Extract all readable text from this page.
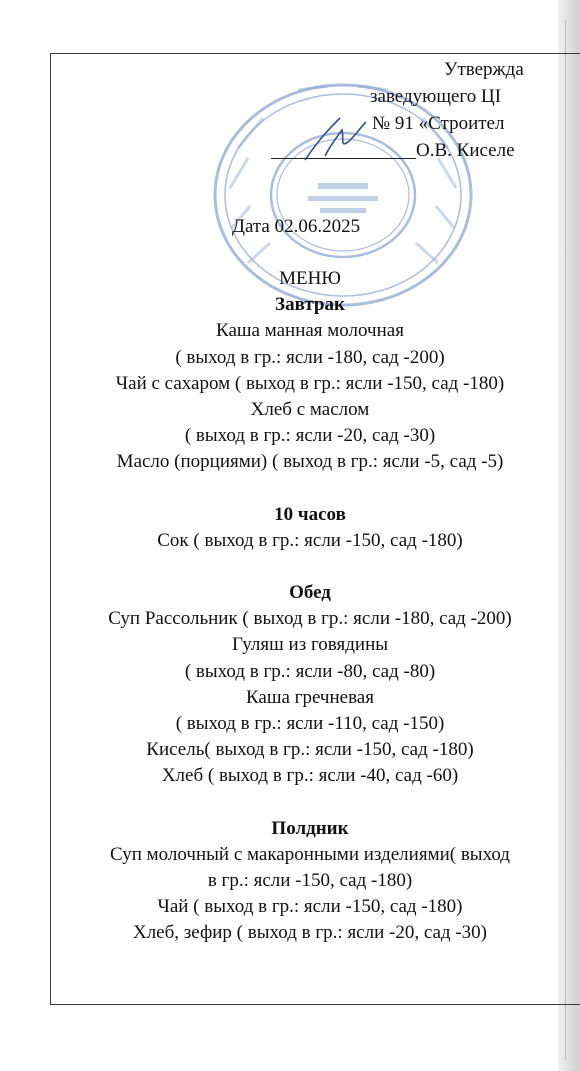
Утвержда
заведующего ЦI
№ 91 «Строител
О.В. Киселе
Дата 02.06.2025
МЕНЮ
Завтрак
Каша манная молочная
( выход в гр.: ясли -180, сад -200)
Чай с сахаром ( выход в гр.: ясли -150, сад -180)
Хлеб с маслом
( выход в гр.: ясли -20, сад -30)
Масло (порциями) ( выход в гр.: ясли -5, сад -5)
10 часов
Сок ( выход в гр.: ясли -150, сад -180)
Обед
Суп Рассольник ( выход в гр.: ясли -180, сад -200)
Гуляш из говядины
( выход в гр.: ясли -80, сад -80)
Каша гречневая
( выход в гр.: ясли -110, сад -150)
Кисель( выход в гр.: ясли -150, сад -180)
Хлеб ( выход в гр.: ясли -40, сад -60)
Полдник
Суп молочный с макаронными изделиями( выход
в гр.: ясли -150, сад -180)
Чай ( выход в гр.: ясли -150, сад -180)
Хлеб, зефир ( выход в гр.: ясли -20, сад -30)
